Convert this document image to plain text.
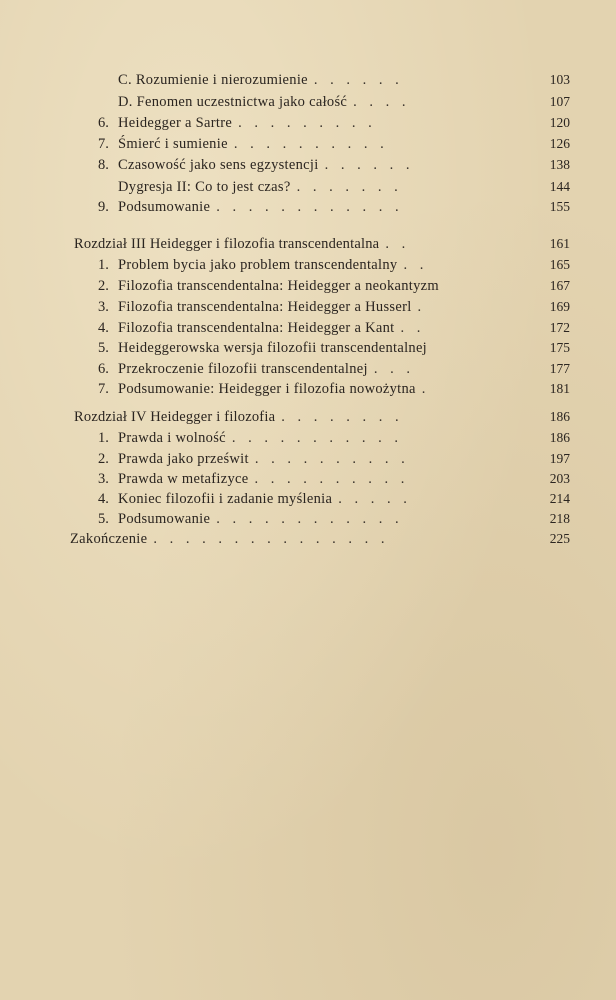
C. Rozumienie i nierozumienie . . . . . .	103
D. Fenomen uczestnictwa jako całość . . . .	107
6. Heidegger a Sartre . . . . . . . . .	120
7. Śmierć i sumienie . . . . . . . . . .	126
8. Czasowość jako sens egzystencji . . . . . .	138
Dygresja II: Co to jest czas? . . . . . . .	144
9. Podsumowanie . . . . . . . . . . . .	155
Rozdział III Heidegger i filozofia transcendentalna . .	161
1. Problem bycia jako problem transcendentalny . .	165
2. Filozofia transcendentalna: Heidegger a neokantyzm	167
3. Filozofia transcendentalna: Heidegger a Husserl .	169
4. Filozofia transcendentalna: Heidegger a Kant . .	172
5. Heideggerowska wersja filozofii transcendentalnej	175
6. Przekroczenie filozofii transcendentalnej . . .	177
7. Podsumowanie: Heidegger i filozofia nowożytna .	181
Rozdział IV Heidegger i filozofia . . . . . . . .	186
1. Prawda i wolność . . . . . . . . . . .	186
2. Prawda jako prześwit . . . . . . . . . .	197
3. Prawda w metafizyce . . . . . . . . . .	203
4. Koniec filozofii i zadanie myślenia . . . . .	214
5. Podsumowanie . . . . . . . . . . . .	218
Zakończenie . . . . . . . . . . . . . . .	225
